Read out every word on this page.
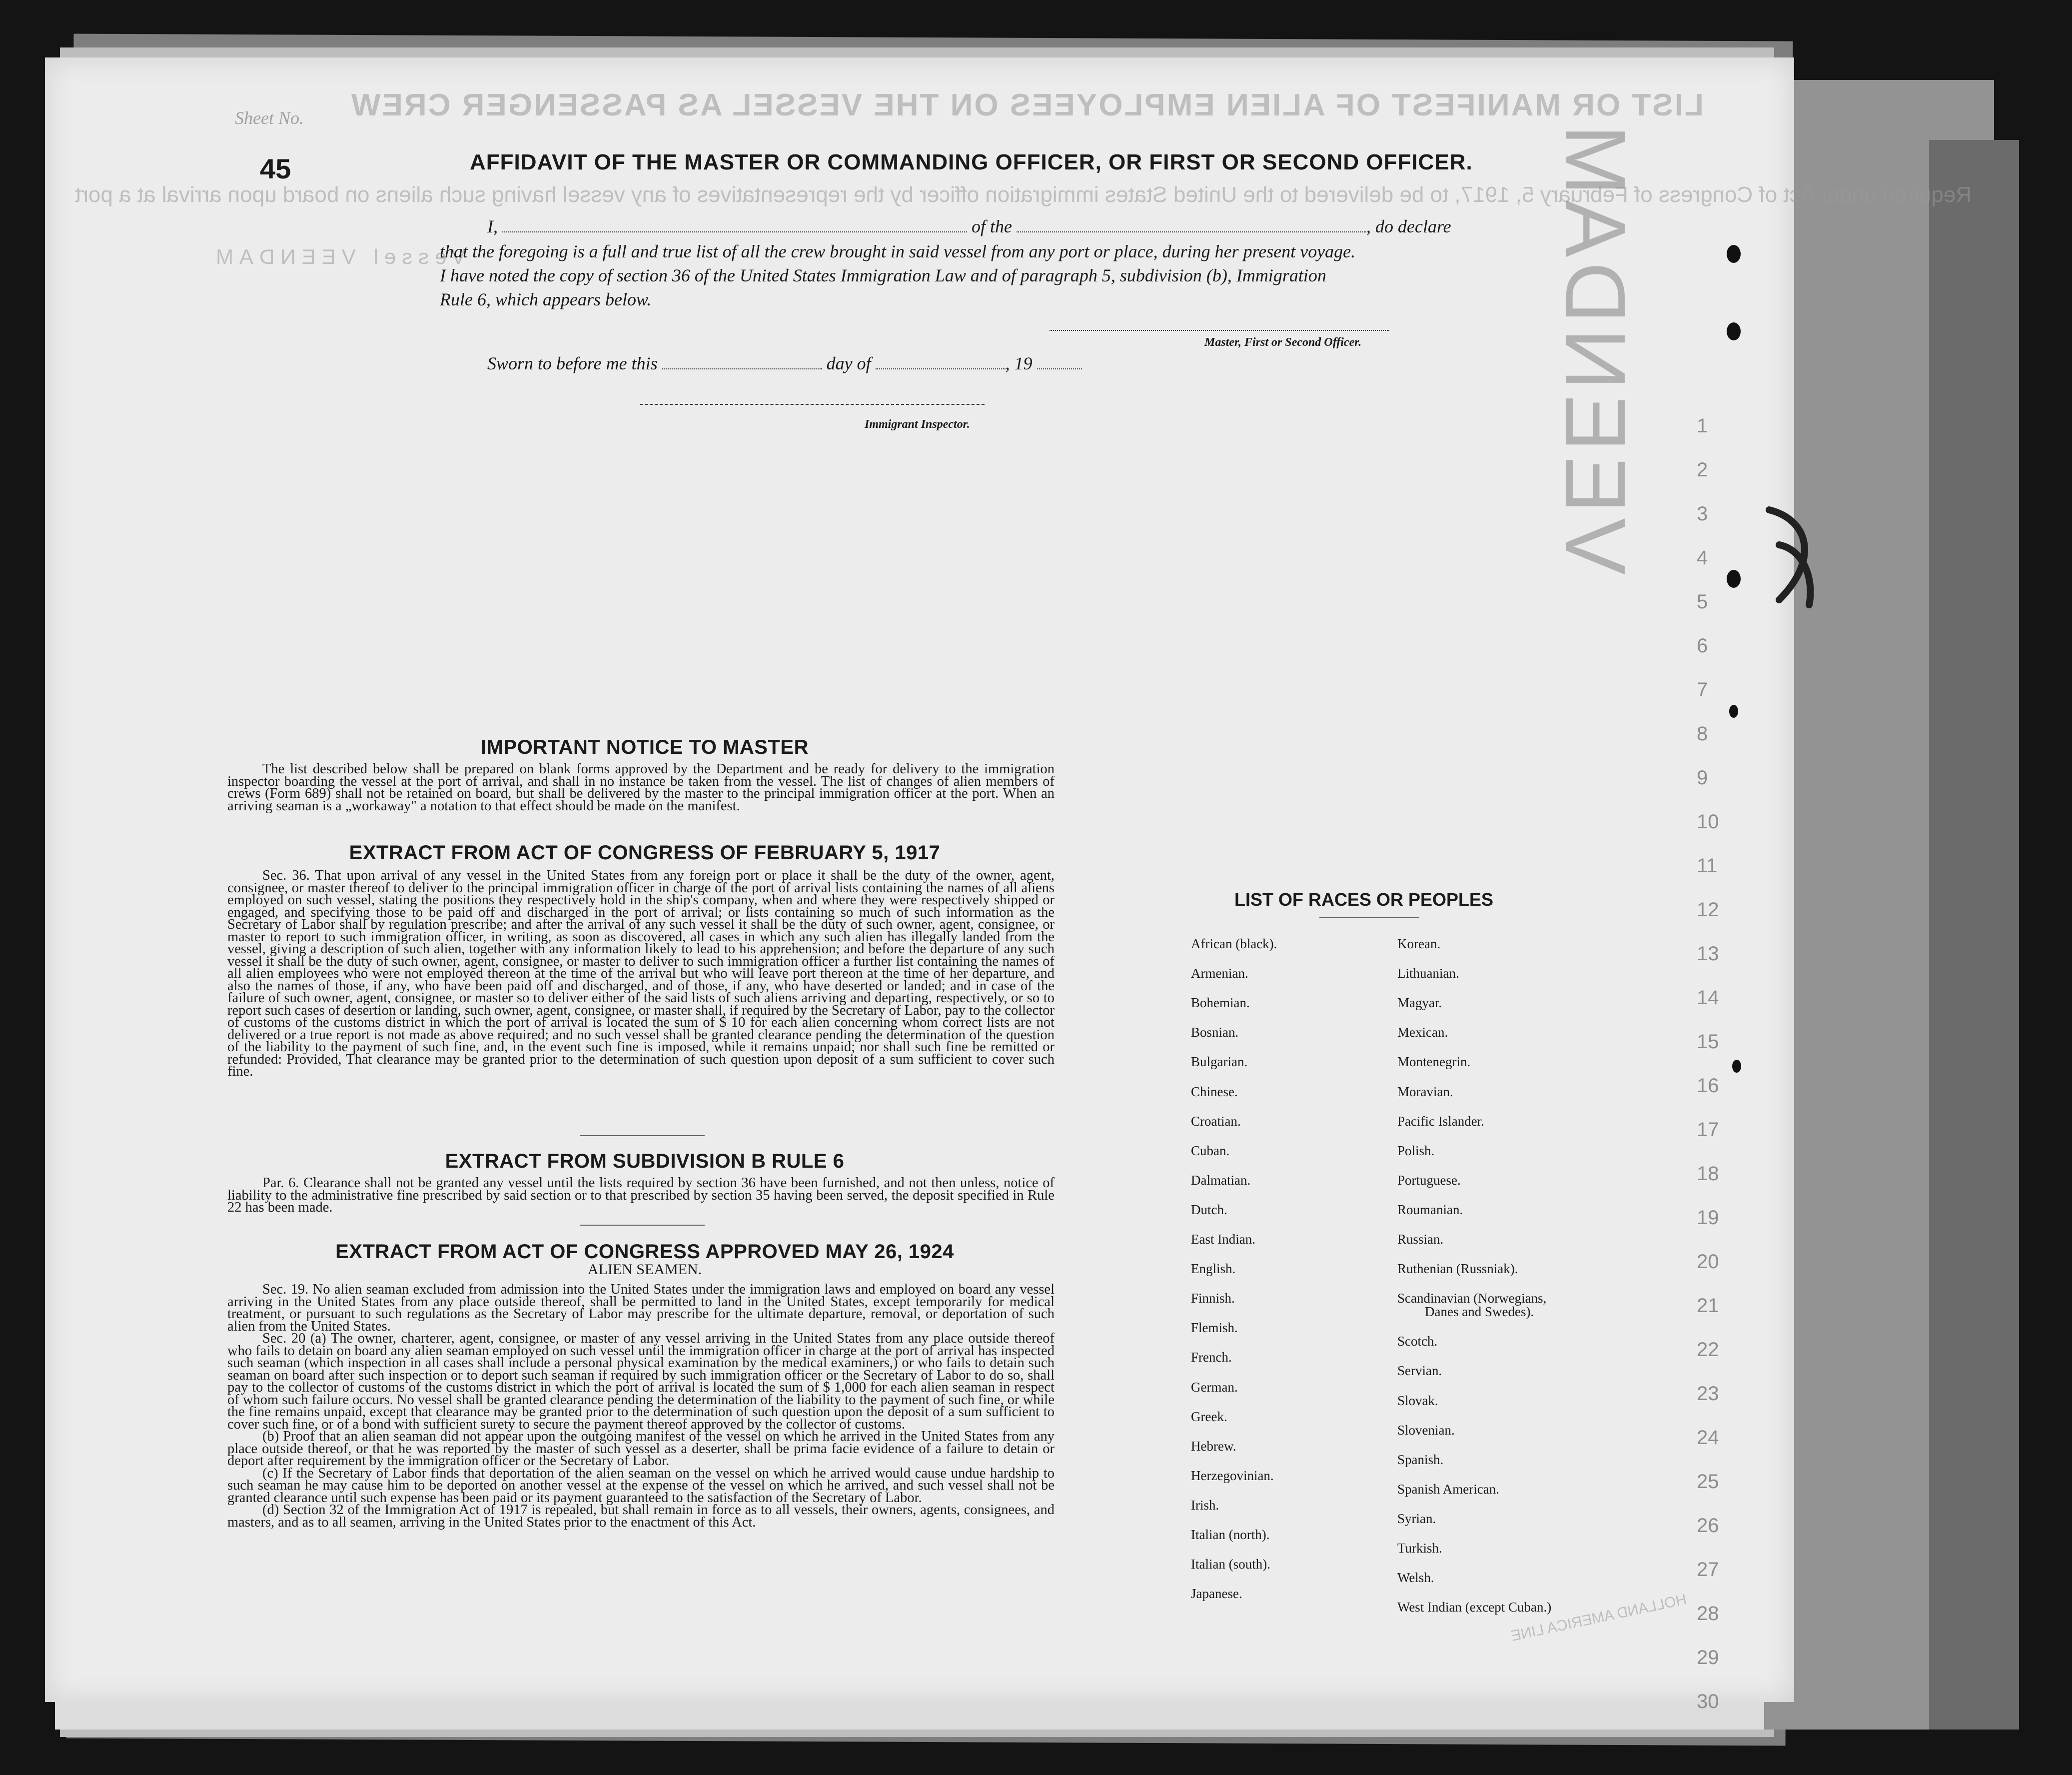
LIST OR MANIFEST OF ALIEN EMPLOYEES ON THE VESSEL AS PASSENGER CREW
Required under Act of Congress of February 5, 1917, to be delivered to the United States immigration officer by the representatives of any vessel having such aliens on board upon arrival at a port
Vessel VEENDAM	VEENDAM
HOLLAND AMERICA LINE
1
2
3
4
5
6
7
8
9
10
11
12
13
14
15
16
17
18
19
20
21
22
23
24
25
26
27
28
29
30
Sheet No.
45	AFFIDAVIT OF THE MASTER OR COMMANDING OFFICER, OR FIRST OR SECOND OFFICER.
I,	of the	, do declare
that the foregoing is a full and true list of all the crew brought in said vessel from any port or place, during her present voyage.
I have noted the copy of section 36 of the United States Immigration Law and of paragraph 5, subdivision (b), Immigration
Rule 6, which appears below.
Master, First or Second Officer.
Sworn to before me this	day of	, 19
Immigrant Inspector.
IMPORTANT NOTICE TO MASTER

The list described below shall be prepared on blank forms approved by the Department and be ready for delivery to the immigration inspector boarding the vessel at the port of arrival, and shall in no instance be taken from the vessel. The list of changes of alien members of crews (Form 689) shall not be retained on board, but shall be delivered by the master to the principal immigration officer at the port. When an arriving seaman is a „workaway" a notation to that effect should be made on the manifest.

EXTRACT FROM ACT OF CONGRESS OF FEBRUARY 5, 1917

Sec. 36. That upon arrival of any vessel in the United States from any foreign port or place it shall be the duty of the owner, agent, consignee, or master thereof to deliver to the principal immigration officer in charge of the port of arrival lists containing the names of all aliens employed on such vessel, stating the positions they respectively hold in the ship's company, when and where they were respectively shipped or engaged, and specifying those to be paid off and discharged in the port of arrival; or lists containing so much of such information as the Secretary of Labor shall by regulation prescribe; and after the arrival of any such vessel it shall be the duty of such owner, agent, consignee, or master to report to such immigration officer, in writing, as soon as discovered, all cases in which any such alien has illegally landed from the vessel, giving a description of such alien, together with any information likely to lead to his apprehension; and before the departure of any such vessel it shall be the duty of such owner, agent, consignee, or master to deliver to such immigration officer a further list containing the names of all alien employees who were not employed thereon at the time of the arrival but who will leave port thereon at the time of her departure, and also the names of those, if any, who have been paid off and discharged, and of those, if any, who have deserted or landed; and in case of the failure of such owner, agent, consignee, or master so to deliver either of the said lists of such aliens arriving and departing, respectively, or so to report such cases of desertion or landing, such owner, agent, consignee, or master shall, if required by the Secretary of Labor, pay to the collector of customs of the customs district in which the port of arrival is located the sum of $ 10 for each alien concerning whom correct lists are not delivered or a true report is not made as above required; and no such vessel shall be granted clearance pending the determination of the question of the liability to the payment of such fine, and, in the event such fine is imposed, while it remains unpaid; nor shall such fine be remitted or refunded: Provided, That clearance may be granted prior to the determination of such question upon deposit of a sum sufficient to cover such fine.

EXTRACT FROM SUBDIVISION B RULE 6

Par. 6. Clearance shall not be granted any vessel until the lists required by section 36 have been furnished, and not then unless, notice of liability to the administrative fine prescribed by said section or to that prescribed by section 35 having been served, the deposit specified in Rule 22 has been made.

EXTRACT FROM ACT OF CONGRESS APPROVED MAY 26, 1924
ALIEN SEAMEN.

Sec. 19. No alien seaman excluded from admission into the United States under the immigration laws and employed on board any vessel arriving in the United States from any place outside thereof, shall be permitted to land in the United States, except temporarily for medical treatment, or pursuant to such regulations as the Secretary of Labor may prescribe for the ultimate departure, removal, or deportation of such alien from the United States.

Sec. 20 (a) The owner, charterer, agent, consignee, or master of any vessel arriving in the United States from any place outside thereof who fails to detain on board any alien seaman employed on such vessel until the immigration officer in charge at the port of arrival has inspected such seaman (which inspection in all cases shall include a personal physical examination by the medical examiners,) or who fails to detain such seaman on board after such inspection or to deport such seaman if required by such immigration officer or the Secretary of Labor to do so, shall pay to the collector of customs of the customs district in which the port of arrival is located the sum of $ 1,000 for each alien seaman in respect of whom such failure occurs. No vessel shall be granted clearance pending the determination of the liability to the payment of such fine, or while the fine remains unpaid, except that clearance may be granted prior to the determination of such question upon the deposit of a sum sufficient to cover such fine, or of a bond with sufficient surety to secure the payment thereof approved by the collector of customs.

(b) Proof that an alien seaman did not appear upon the outgoing manifest of the vessel on which he arrived in the United States from any place outside thereof, or that he was reported by the master of such vessel as a deserter, shall be prima facie evidence of a failure to detain or deport after requirement by the immigration officer or the Secretary of Labor.

(c) If the Secretary of Labor finds that deportation of the alien seaman on the vessel on which he arrived would cause undue hardship to such seaman he may cause him to be deported on another vessel at the expense of the vessel on which he arrived, and such vessel shall not be granted clearance until such expense has been paid or its payment guaranteed to the satisfaction of the Secretary of Labor.

(d) Section 32 of the Immigration Act of 1917 is repealed, but shall remain in force as to all vessels, their owners, agents, consignees, and masters, and as to all seamen, arriving in the United States prior to the enactment of this Act.

LIST OF RACES OR PEOPLES
African (black).
Armenian.
Bohemian.
Bosnian.
Bulgarian.
Chinese.
Croatian.
Cuban.
Dalmatian.
Dutch.
East Indian.
English.
Finnish.
Flemish.
French.
German.
Greek.
Hebrew.
Herzegovinian.
Irish.
Italian (north).
Italian (south).
Japanese.
Korean.
Lithuanian.
Magyar.
Mexican.
Montenegrin.
Moravian.
Pacific Islander.
Polish.
Portuguese.
Roumanian.
Russian.
Ruthenian (Russniak).
Scandinavian (Norwegians,
Danes and Swedes).
Scotch.
Servian.
Slovak.
Slovenian.
Spanish.
Spanish American.
Syrian.
Turkish.
Welsh.
West Indian (except Cuban.)
